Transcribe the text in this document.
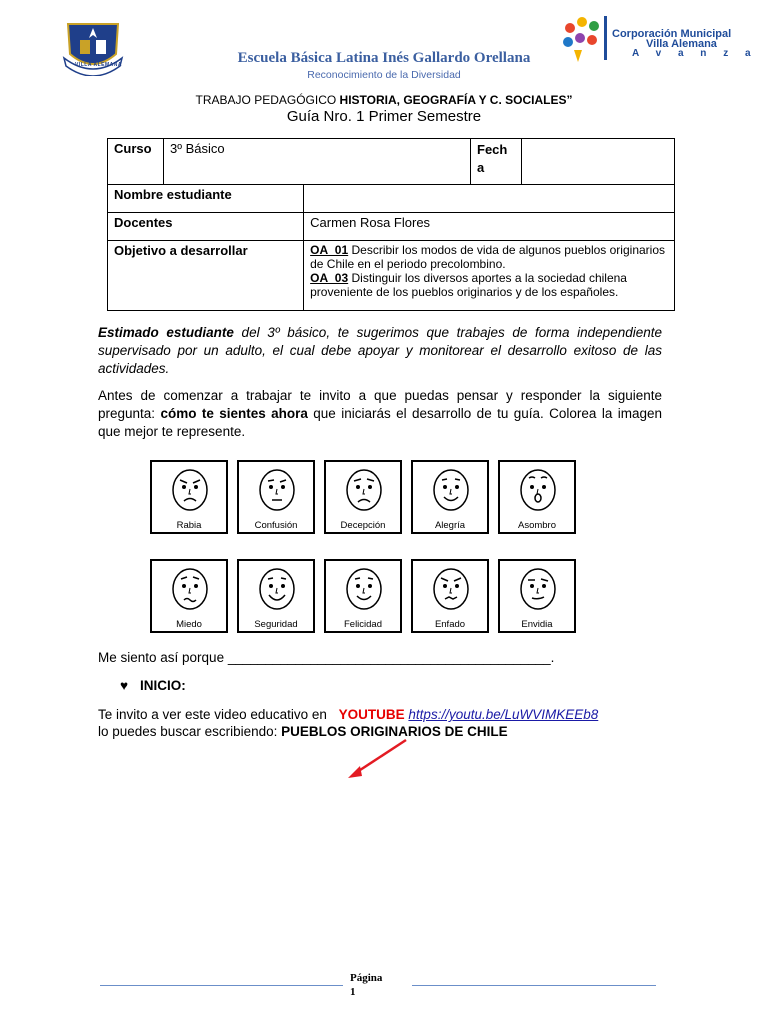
VILLA ALEMANA	Escuela Básica Latina Inés Gallardo Orellana
Reconocimiento de la Diversidad
Corporación Municipal
Villa Alemana
A v a n z a
TRABAJO PEDAGÓGICO HISTORIA, GEOGRAFÍA Y C. SOCIALES”
Guía Nro. 1 Primer Semestre
Curso	3º Básico		Fech a	
Nombre estudiante				
Docentes		Carmen Rosa Flores		
Objetivo a desarrollar		OA_01 Describir los modos de vida de algunos pueblos originarios de Chile en el periodo precolombino.
OA_03 Distinguir los diversos aportes a la sociedad chilena proveniente de los pueblos originarios y de los españoles.		
Estimado estudiante del 3º básico, te sugerimos que trabajes de forma independiente supervisado por un adulto, el cual debe apoyar y monitorear el desarrollo exitoso de las actividades.
Antes de comenzar a trabajar te invito a que puedas pensar y responder la siguiente pregunta: cómo te sientes ahora que iniciarás el desarrollo de tu guía. Colorea la imagen que mejor te represente.
Rabia	Confusión	Decepción	Alegría	Asombro
Miedo	Seguridad	Felicidad	Enfado	Envidia
Me siento así porque ___________________________________________.
♥ INICIO:
Te invito a ver este video educativo en YOUTUBE https://youtu.be/LuWVIMKEEb8
lo puedes buscar escribiendo: PUEBLOS ORIGINARIOS DE CHILE
Página
1
